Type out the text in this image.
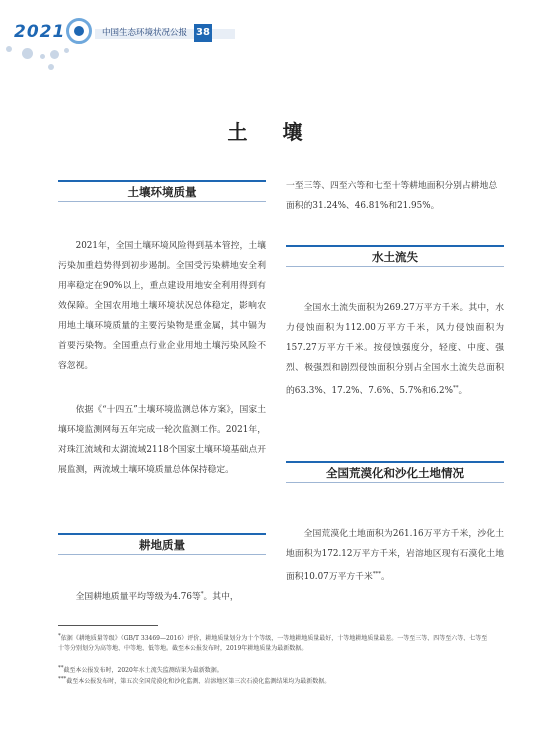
2021	中国生态环境状况公报 38
土 壤
土壤环境质量

2021年，全国土壤环境风险得到基本管控，土壤污染加重趋势得到初步遏制。全国受污染耕地安全利用率稳定在90%以上，重点建设用地安全利用得到有效保障。全国农用地土壤环境状况总体稳定，影响农用地土壤环境质量的主要污染物是重金属，其中镉为首要污染物。全国重点行业企业用地土壤污染风险不容忽视。

依据《“十四五”土壤环境监测总体方案》，国家土壤环境监测网每五年完成一轮次监测工作。2021年，对珠江流域和太湖流域2118个国家土壤环境基础点开展监测，两流域土壤环境质量总体保持稳定。

耕地质量

全国耕地质量平均等级为4.76等*。其中，

一至三等、四至六等和七至十等耕地面积分别占耕地总面积的31.24%、46.81%和21.95%。

水土流失

全国水土流失面积为269.27万平方千米。其中，水力侵蚀面积为112.00万平方千米，风力侵蚀面积为157.27万平方千米。按侵蚀强度分，轻度、中度、强烈、极强烈和剧烈侵蚀面积分别占全国水土流失总面积的63.3%、17.2%、7.6%、5.7%和6.2%**。

全国荒漠化和沙化土地情况

全国荒漠化土地面积为261.16万平方千米，沙化土地面积为172.12万平方千米，岩溶地区现有石漠化土地面积10.07万平方千米***。

*依据《耕地质量等级》（GB/T 33469—2016）评价，耕地质量划分为十个等级，一等地耕地质量最好，十等地耕地质量最差。一等至三等、四等至六等、七等至十等分别划分为高等地、中等地、低等地。截至本公报发布时，2019年耕地质量为最新数据。

**截至本公报发布时，2020年水土流失监测结果为最新数据。

***截至本公报发布时，第五次全国荒漠化和沙化监测、岩溶地区第三次石漠化监测结果均为最新数据。
